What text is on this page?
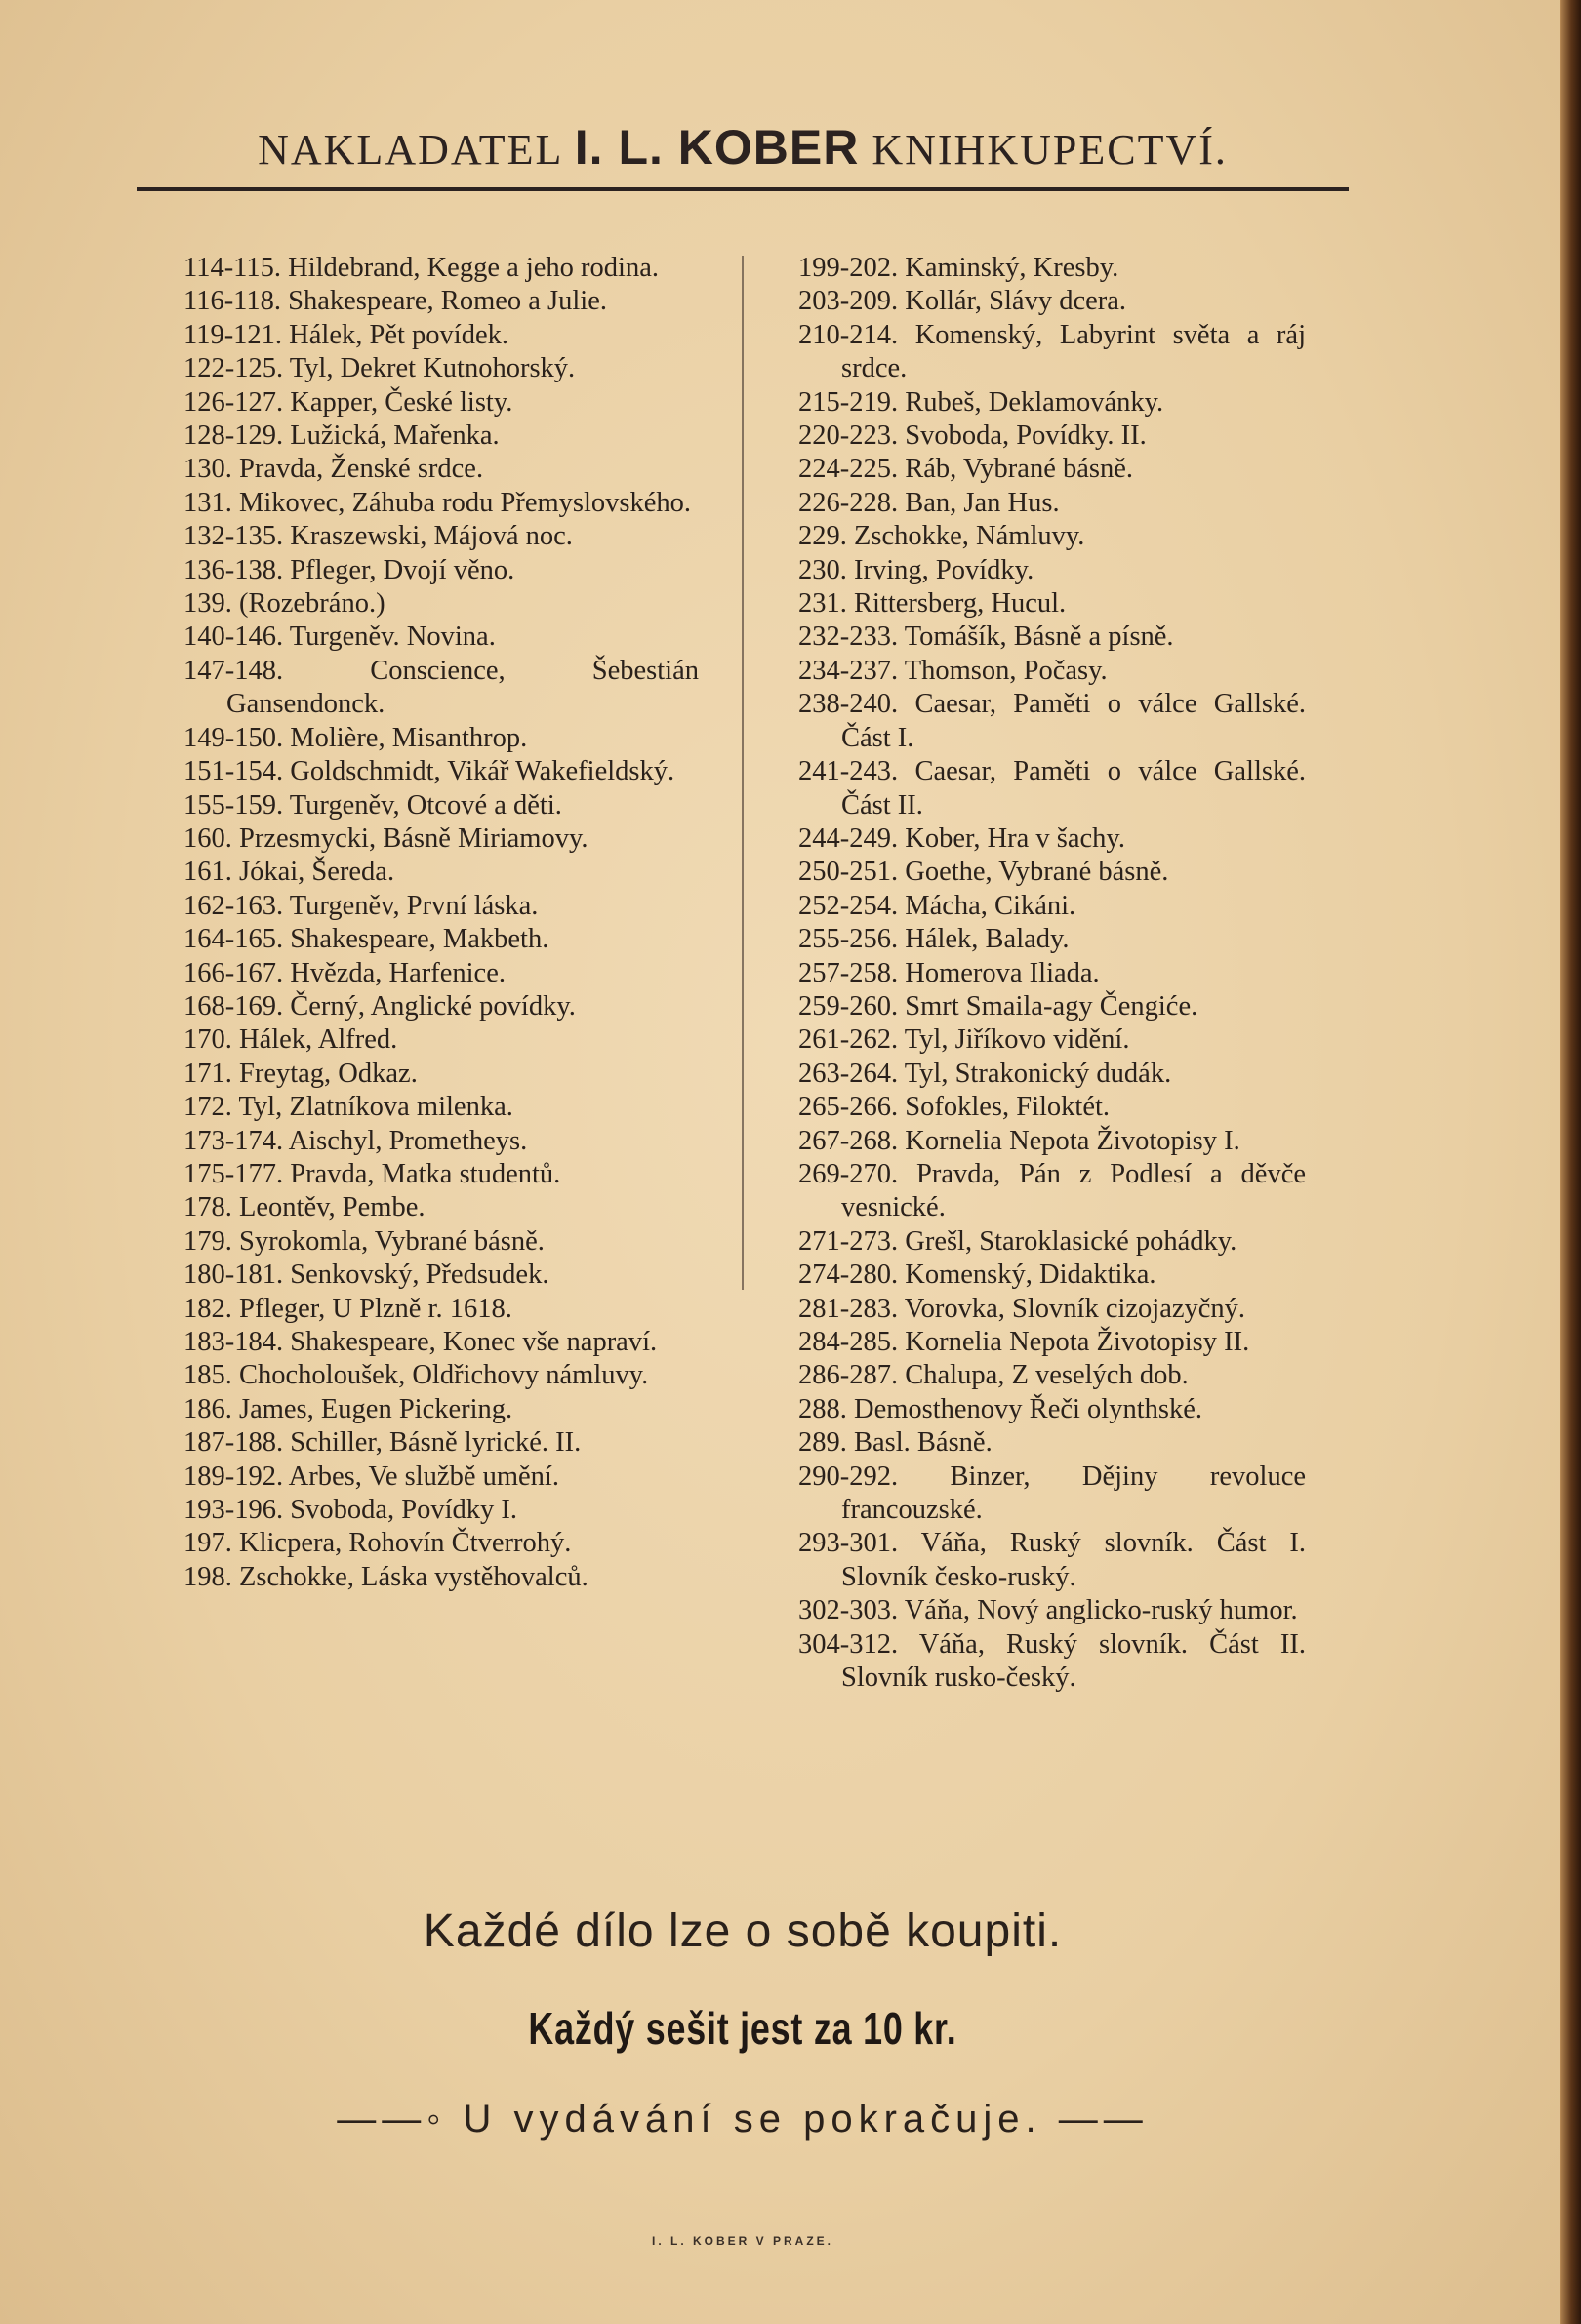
NAKLADATEL I. L. KOBER KNIHKUPECTVÍ.
114-115. Hildebrand, Kegge a jeho rodina.
116-118. Shakespeare, Romeo a Julie.
119-121. Hálek, Pět povídek.
122-125. Tyl, Dekret Kutnohorský.
126-127. Kapper, České listy.
128-129. Lužická, Mařenka.
130. Pravda, Ženské srdce.
131. Mikovec, Záhuba rodu Přemyslovského.
132-135. Kraszewski, Májová noc.
136-138. Pfleger, Dvojí věno.
139. (Rozebráno.)
140-146. Turgeněv. Novina.
147-148. Conscience, Šebestián Gansendonck.
149-150. Molière, Misanthrop.
151-154. Goldschmidt, Vikář Wakefieldský.
155-159. Turgeněv, Otcové a děti.
160. Przesmycki, Básně Miriamovy.
161. Jókai, Šereda.
162-163. Turgeněv, První láska.
164-165. Shakespeare, Makbeth.
166-167. Hvězda, Harfenice.
168-169. Černý, Anglické povídky.
170. Hálek, Alfred.
171. Freytag, Odkaz.
172. Tyl, Zlatníkova milenka.
173-174. Aischyl, Prometheys.
175-177. Pravda, Matka studentů.
178. Leontěv, Pembe.
179. Syrokomla, Vybrané básně.
180-181. Senkovský, Předsudek.
182. Pfleger, U Plzně r. 1618.
183-184. Shakespeare, Konec vše napraví.
185. Chocholoušek, Oldřichovy námluvy.
186. James, Eugen Pickering.
187-188. Schiller, Básně lyrické. II.
189-192. Arbes, Ve službě umění.
193-196. Svoboda, Povídky I.
197. Klicpera, Rohovín Čtverrohý.
198. Zschokke, Láska vystěhovalců.
199-202. Kaminský, Kresby.
203-209. Kollár, Slávy dcera.
210-214. Komenský, Labyrint světa a ráj srdce.
215-219. Rubeš, Deklamovánky.
220-223. Svoboda, Povídky. II.
224-225. Ráb, Vybrané básně.
226-228. Ban, Jan Hus.
229. Zschokke, Námluvy.
230. Irving, Povídky.
231. Rittersberg, Hucul.
232-233. Tomášík, Básně a písně.
234-237. Thomson, Počasy.
238-240. Caesar, Paměti o válce Gallské. Část I.
241-243. Caesar, Paměti o válce Gallské. Část II.
244-249. Kober, Hra v šachy.
250-251. Goethe, Vybrané básně.
252-254. Mácha, Cikáni.
255-256. Hálek, Balady.
257-258. Homerova Iliada.
259-260. Smrt Smaila-agy Čengiće.
261-262. Tyl, Jiříkovo vidění.
263-264. Tyl, Strakonický dudák.
265-266. Sofokles, Filoktét.
267-268. Kornelia Nepota Životopisy I.
269-270. Pravda, Pán z Podlesí a děvče vesnické.
271-273. Grešl, Staroklasické pohádky.
274-280. Komenský, Didaktika.
281-283. Vorovka, Slovník cizojazyčný.
284-285. Kornelia Nepota Životopisy II.
286-287. Chalupa, Z veselých dob.
288. Demosthenovy Řeči olynthské.
289. Basl. Básně.
290-292. Binzer, Dějiny revoluce francouzské.
293-301. Váňa, Ruský slovník. Část I. Slovník česko-ruský.
302-303. Váňa, Nový anglicko-ruský humor.
304-312. Váňa, Ruský slovník. Část II. Slovník rusko-český.
Každé dílo lze o sobě koupiti.
Každý sešit jest za 10 kr.
——◦ U vydávání se pokračuje. ——
I. L. KOBER V PRAZE.
